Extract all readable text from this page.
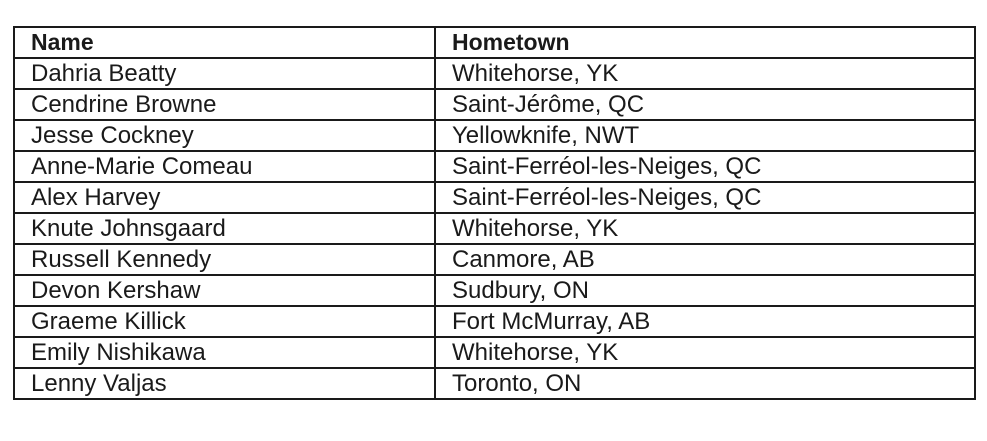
Name	Hometown
Dahria Beatty	Whitehorse, YK
Cendrine Browne	Saint-Jérôme, QC
Jesse Cockney	Yellowknife, NWT
Anne-Marie Comeau	Saint-Ferréol-les-Neiges, QC
Alex Harvey	Saint-Ferréol-les-Neiges, QC
Knute Johnsgaard	Whitehorse, YK
Russell Kennedy	Canmore, AB
Devon Kershaw	Sudbury, ON
Graeme Killick	Fort McMurray, AB
Emily Nishikawa	Whitehorse, YK
Lenny Valjas	Toronto, ON
